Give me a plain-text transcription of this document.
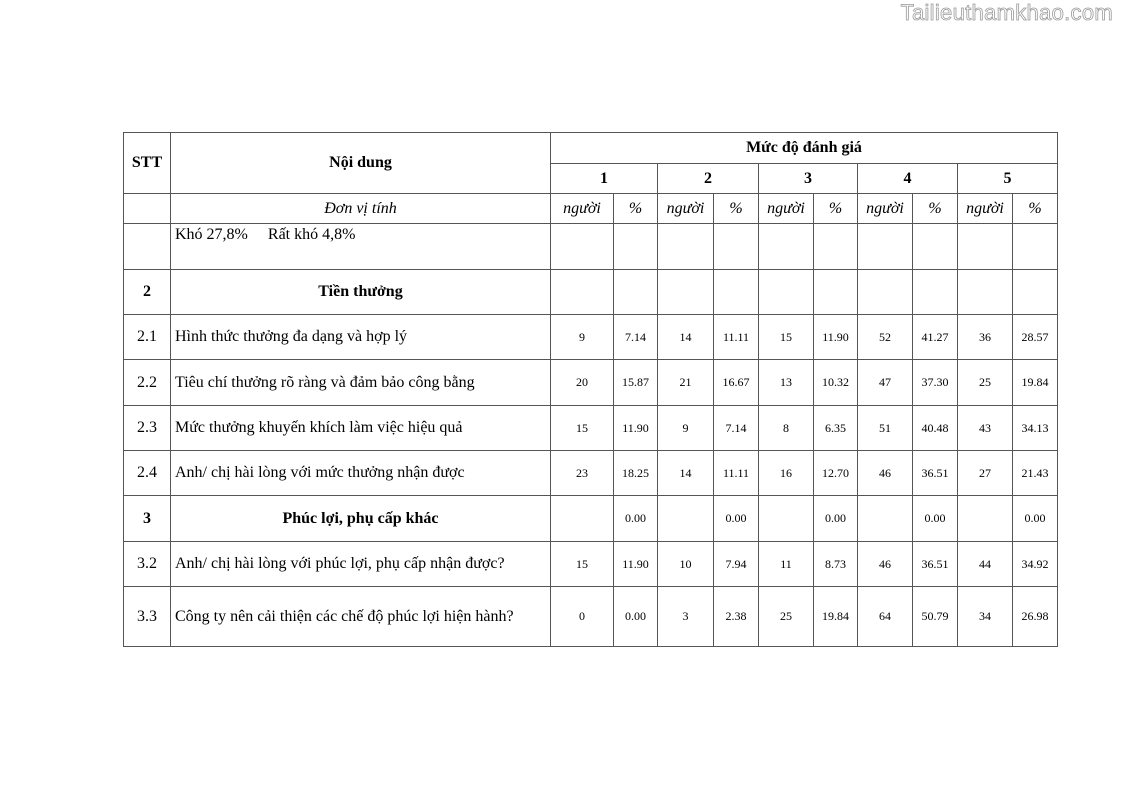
Tailieuthamkhao.com
STT	Nội dung	Mức độ đánh giá									
		1		2		3		4		5	
	Đơn vị tính	người	%	người	%	người	%	người	%	người	%
	Khó 27,8% Rất khó 4,8%										
2	Tiền thưởng										
2.1	Hình thức thưởng đa dạng và hợp lý	9	7.14	14	11.11	15	11.90	52	41.27	36	28.57
2.2	Tiêu chí thưởng rõ ràng và đảm bảo công bằng	20	15.87	21	16.67	13	10.32	47	37.30	25	19.84
2.3	Mức thưởng khuyến khích làm việc hiệu quả	15	11.90	9	7.14	8	6.35	51	40.48	43	34.13
2.4	Anh/ chị hài lòng với mức thưởng nhận được	23	18.25	14	11.11	16	12.70	46	36.51	27	21.43
3	Phúc lợi, phụ cấp khác		0.00		0.00		0.00		0.00		0.00
3.2	Anh/ chị hài lòng với phúc lợi, phụ cấp nhận được?	15	11.90	10	7.94	11	8.73	46	36.51	44	34.92
3.3	Công ty nên cải thiện các chế độ phúc lợi hiện hành?	0	0.00	3	2.38	25	19.84	64	50.79	34	26.98
